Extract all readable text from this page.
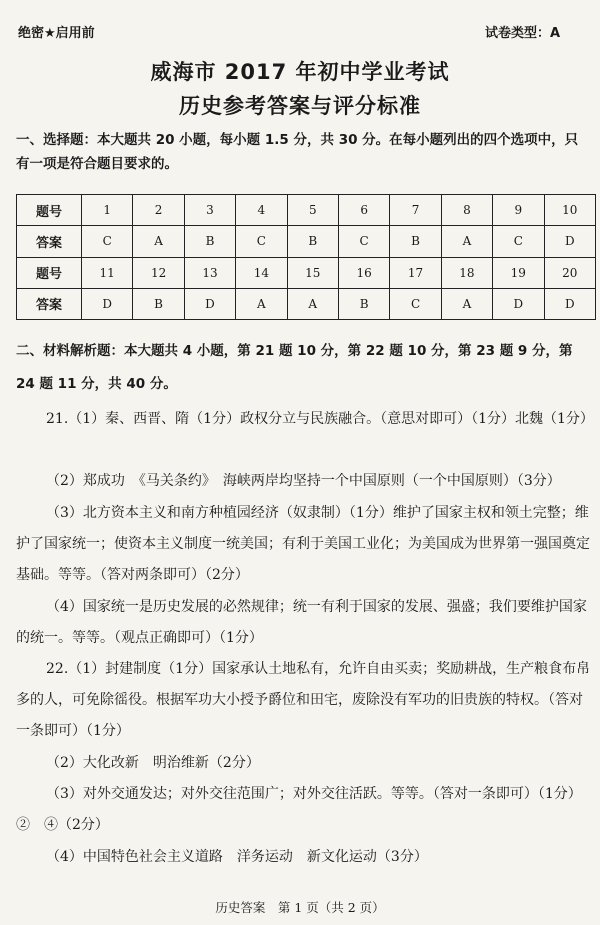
绝密★启用前	试卷类型：A
威海市 2017 年初中学业考试
历史参考答案与评分标准
一、选择题：本大题共 20 小题，每小题 1.5 分，共 30 分。在每小题列出的四个选项中，只有一项是符合题目要求的。
题号	1	2	3	4	5	6	7	8	9	10
答案	C	A	B	C	B	C	B	A	C	D
题号	11	12	13	14	15	16	17	18	19	20
答案	D	B	D	A	A	B	C	A	D	D
二、材料解析题：本大题共 4 小题，第 21 题 10 分，第 22 题 10 分，第 23 题 9 分，第 24 题 11 分，共 40 分。
21.（1）秦、西晋、隋（1分）政权分立与民族融合。（意思对即可）（1分）北魏（1分）
（2）郑成功　《马关条约》　海峡两岸均坚持一个中国原则（一个中国原则）（3分）
（3）北方资本主义和南方种植园经济（奴隶制）（1分）维护了国家主权和领土完整；维护了国家统一；使资本主义制度一统美国；有利于美国工业化；为美国成为世界第一强国奠定基础。等等。（答对两条即可）（2分）
（4）国家统一是历史发展的必然规律；统一有利于国家的发展、强盛；我们要维护国家的统一。等等。（观点正确即可）（1分）
22.（1）封建制度（1分）国家承认土地私有，允许自由买卖；奖励耕战，生产粮食布帛多的人，可免除徭役。根据军功大小授予爵位和田宅，废除没有军功的旧贵族的特权。（答对一条即可）（1分）
（2）大化改新　明治维新（2分）
（3）对外交通发达；对外交往范围广；对外交往活跃。等等。（答对一条即可）（1分）
②　④（2分）
（4）中国特色社会主义道路　洋务运动　新文化运动（3分）
历史答案　第 1 页（共 2 页）
